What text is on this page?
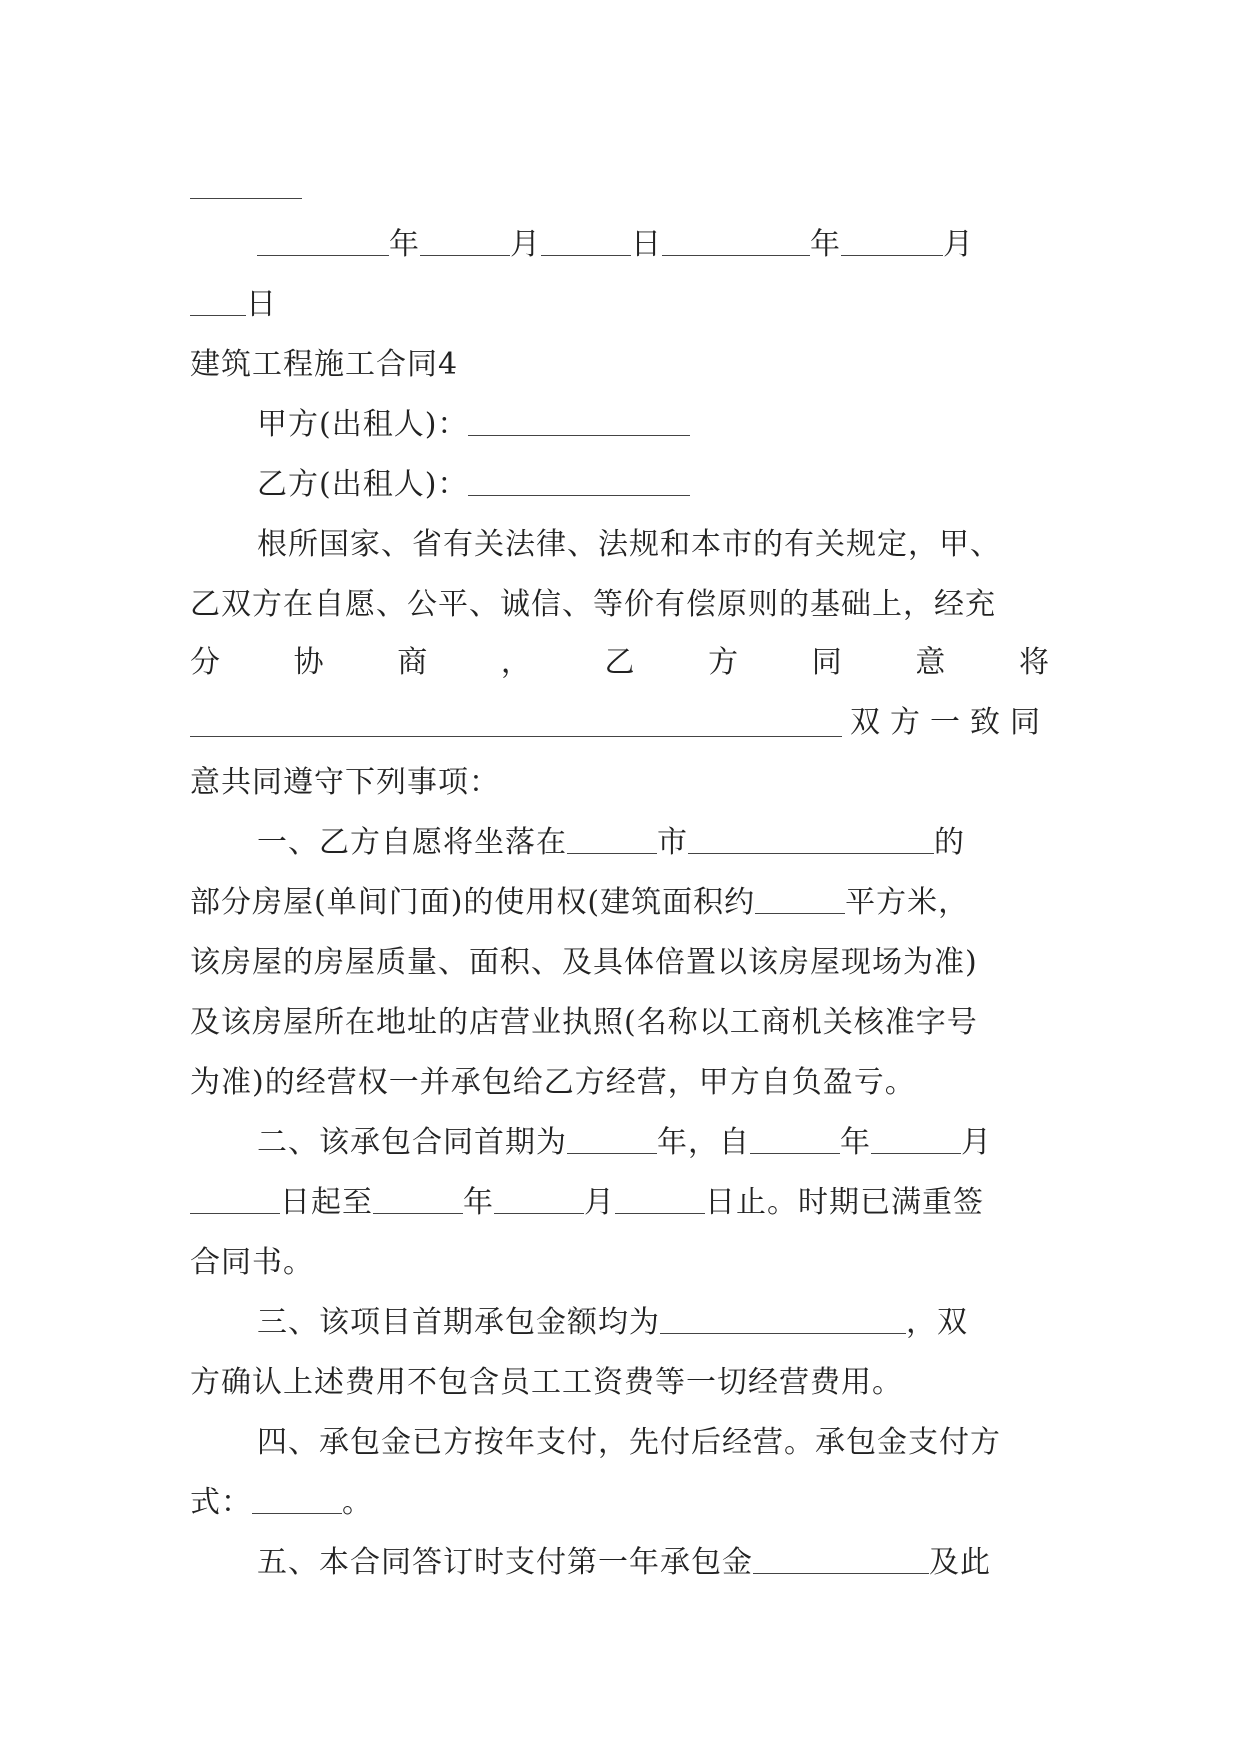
年	月	日	年	月
日
建筑工程施工合同4
甲方(出租人)：
乙方(出租人)：
根所国家、省有关法律、法规和本市的有关规定，甲、
乙双方在自愿、公平、诚信、等价有偿原则的基础上，经充
分 协 商 ， 乙 方 同 意 将
双方一致同
意共同遵守下列事项：
一、乙方自愿将坐落在	市	的
部分房屋(单间门面)的使用权(建筑面积约	平方米，
该房屋的房屋质量、面积、及具体倍置以该房屋现场为准)
及该房屋所在地址的店营业执照(名称以工商机关核准字号
为准)的经营权一并承包给乙方经营，甲方自负盈亏。
二、该承包合同首期为	年，自	年	月
日起至	年	月	日止。时期已满重签
合同书。
三、该项目首期承包金额均为	，双
方确认上述费用不包含员工工资费等一切经营费用。
四、承包金已方按年支付，先付后经营。承包金支付方
式：	。
五、本合同答订时支付第一年承包金	及此
